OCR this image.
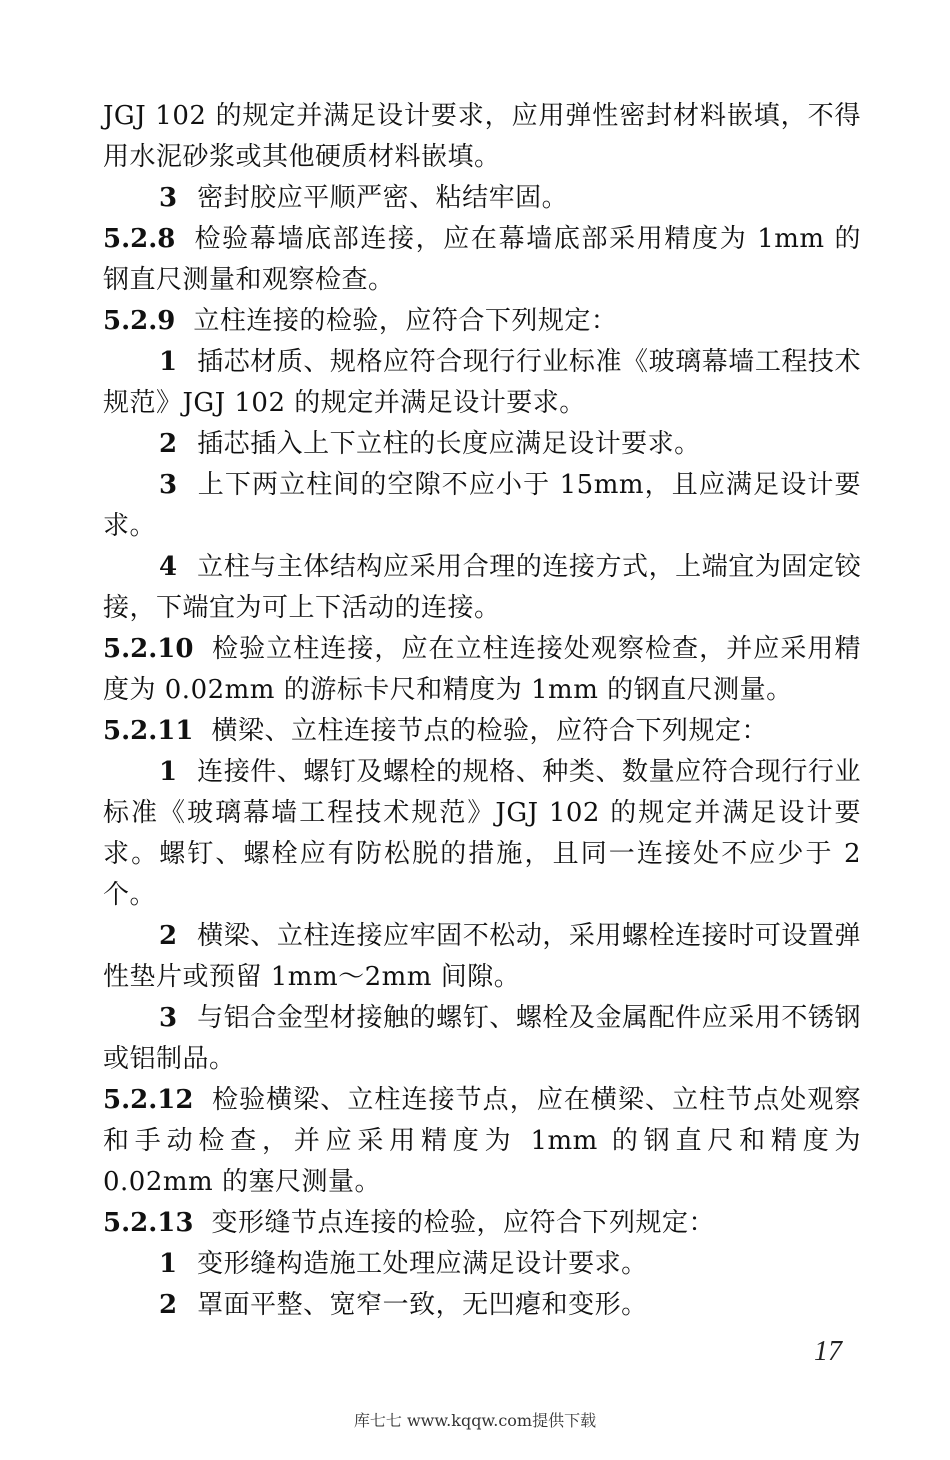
JGJ 102 的规定并满足设计要求，应用弹性密封材料嵌填，不得用水泥砂浆或其他硬质材料嵌填。

3 密封胶应平顺严密、粘结牢固。

5.2.8 检验幕墙底部连接，应在幕墙底部采用精度为 1mm 的钢直尺测量和观察检查。

5.2.9 立柱连接的检验，应符合下列规定：

1 插芯材质、规格应符合现行行业标准《玻璃幕墙工程技术规范》JGJ 102 的规定并满足设计要求。

2 插芯插入上下立柱的长度应满足设计要求。

3 上下两立柱间的空隙不应小于 15mm，且应满足设计要求。

4 立柱与主体结构应采用合理的连接方式，上端宜为固定铰接，下端宜为可上下活动的连接。

5.2.10 检验立柱连接，应在立柱连接处观察检查，并应采用精度为 0.02mm 的游标卡尺和精度为 1mm 的钢直尺测量。

5.2.11 横梁、立柱连接节点的检验，应符合下列规定：

1 连接件、螺钉及螺栓的规格、种类、数量应符合现行行业标准《玻璃幕墙工程技术规范》JGJ 102 的规定并满足设计要求。螺钉、螺栓应有防松脱的措施，且同一连接处不应少于 2 个。

2 横梁、立柱连接应牢固不松动，采用螺栓连接时可设置弹性垫片或预留 1mm～2mm 间隙。

3 与铝合金型材接触的螺钉、螺栓及金属配件应采用不锈钢或铝制品。

5.2.12 检验横梁、立柱连接节点，应在横梁、立柱节点处观察和手动检查，并应采用精度为 1mm 的钢直尺和精度为 0.02mm 的塞尺测量。

5.2.13 变形缝节点连接的检验，应符合下列规定：

1 变形缝构造施工处理应满足设计要求。

2 罩面平整、宽窄一致，无凹瘪和变形。

17
库七七 www.kqqw.com提供下载
